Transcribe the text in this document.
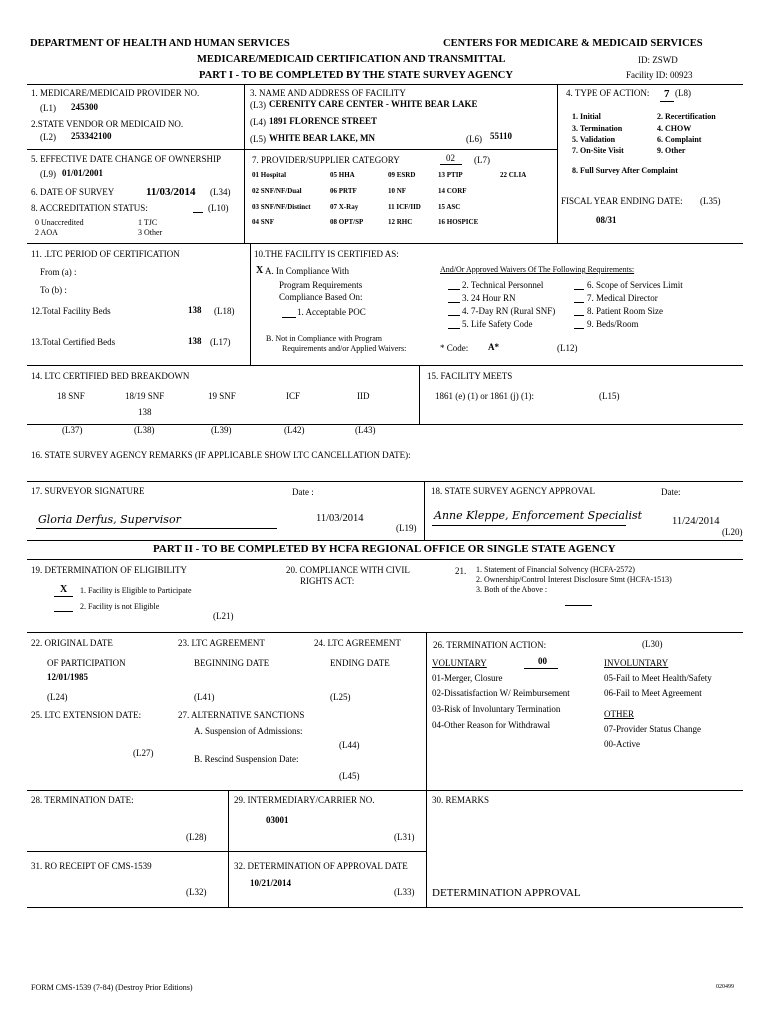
DEPARTMENT OF HEALTH AND HUMAN SERVICES	CENTERS FOR MEDICARE & MEDICAID SERVICES
MEDICARE/MEDICAID CERTIFICATION AND TRANSMITTAL	ID: ZSWD
PART I - TO BE COMPLETED BY THE STATE SURVEY AGENCY	Facility ID: 00923
1. MEDICARE/MEDICAID PROVIDER NO.
(L1) 245300
2.STATE VENDOR OR MEDICAID NO.
(L2) 253342100
3. NAME AND ADDRESS OF FACILITY
(L3) CERENITY CARE CENTER - WHITE BEAR LAKE
(L4) 1891 FLORENCE STREET
(L5) WHITE BEAR LAKE, MN	(L6) 55110
4. TYPE OF ACTION: 7 (L8)
1. Initial	2. Recertification
3. Termination	4. CHOW
5. Validation	6. Complaint
7. On-Site Visit	9. Other
8. Full Survey After Complaint
5. EFFECTIVE DATE CHANGE OF OWNERSHIP
(L9) 01/01/2001
6. DATE OF SURVEY	11/03/2014 (L34)
8. ACCREDITATION STATUS:	(L10)
0 Unaccredited	1 TJC
2 AOA	3 Other
7. PROVIDER/SUPPLIER CATEGORY	02 (L7)
01 Hospital	05 HHA	09 ESRD	13 PTIP	22 CLIA
02 SNF/NF/Dual	06 PRTF	10 NF	14 CORF
03 SNF/NF/Distinct	07 X-Ray	11 ICF/IID 15 ASC
04 SNF	08 OPT/SP	12 RHC	16 HOSPICE
FISCAL YEAR ENDING DATE: (L35)
08/31
11. .LTC PERIOD OF CERTIFICATION
From (a) :
To (b) :
12.Total Facility Beds	138 (L18)
13.Total Certified Beds	138 (L17)
10.THE FACILITY IS CERTIFIED AS:
X A. In Compliance With
Program Requirements
Compliance Based On:
1. Acceptable POC
B. Not in Compliance with Program
Requirements and/or Applied Waivers:
And/Or Approved Waivers Of The Following Requirements:
2. Technical Personnel
3. 24 Hour RN
4. 7-Day RN (Rural SNF)
5. Life Safety Code
6. Scope of Services Limit
7. Medical Director
8. Patient Room Size
9. Beds/Room
* Code: A*	(L12)
14. LTC CERTIFIED BED BREAKDOWN
18 SNF	18/19 SNF	19 SNF	ICF	IID
138
(L37)	(L38)	(L39)	(L42)	(L43)
15. FACILITY MEETS
1861 (e) (1) or 1861 (j) (1):	(L15)
16. STATE SURVEY AGENCY REMARKS (IF APPLICABLE SHOW LTC CANCELLATION DATE):
17. SURVEYOR SIGNATURE	Date :
Gloria Derfus, Supervisor	11/03/2014
(L19)
18. STATE SURVEY AGENCY APPROVAL	Date:
Anne Kleppe, Enforcement Specialist	11/24/2014
(L20)
PART II - TO BE COMPLETED BY HCFA REGIONAL OFFICE OR SINGLE STATE AGENCY
19. DETERMINATION OF ELIGIBILITY
X 1. Facility is Eligible to Participate
2. Facility is not Eligible
(L21)
20. COMPLIANCE WITH CIVIL
RIGHTS ACT:
21. 1. Statement of Financial Solvency (HCFA-2572)
2. Ownership/Control Interest Disclosure Stmt (HCFA-1513)
3. Both of the Above :
22. ORIGINAL DATE
OF PARTICIPATION
12/01/1985
(L24)
23. LTC AGREEMENT
BEGINNING DATE
(L41)
24. LTC AGREEMENT
ENDING DATE
(L25)
25. LTC EXTENSION DATE:
(L27)
27. ALTERNATIVE SANCTIONS
A. Suspension of Admissions:
(L44)
B. Rescind Suspension Date:
(L45)
26. TERMINATION ACTION:	(L30)
VOLUNTARY	00	INVOLUNTARY
01-Merger, Closure
02-Dissatisfaction W/ Reimbursement
03-Risk of Involuntary Termination
04-Other Reason for Withdrawal
05-Fail to Meet Health/Safety
06-Fail to Meet Agreement
OTHER
07-Provider Status Change
00-Active
28. TERMINATION DATE:
(L28)
29. INTERMEDIARY/CARRIER NO.
03001
(L31)
30. REMARKS
31. RO RECEIPT OF CMS-1539
(L32)
32. DETERMINATION OF APPROVAL DATE
10/21/2014
(L33) DETERMINATION APPROVAL
FORM CMS-1539 (7-84) (Destroy Prior Editions)	020499
